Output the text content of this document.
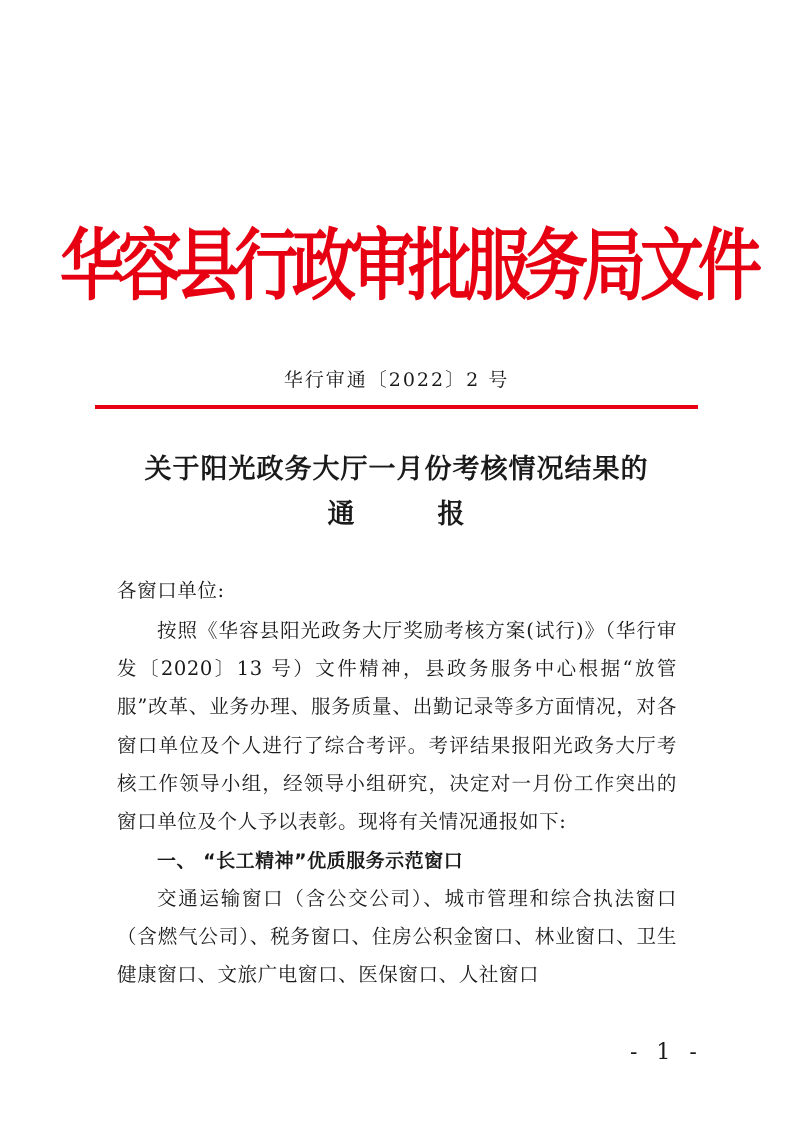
华容县行政审批服务局文件
华行审通〔2022〕2 号
关于阳光政务大厅一月份考核情况结果的
通	报
各窗口单位:
按照《华容县阳光政务大厅奖励考核方案(试行)》（华行审发〔2020〕13 号）文件精神，县政务服务中心根据“放管服”改革、业务办理、服务质量、出勤记录等多方面情况，对各窗口单位及个人进行了综合考评。考评结果报阳光政务大厅考核工作领导小组，经领导小组研究，决定对一月份工作突出的窗口单位及个人予以表彰。现将有关情况通报如下:
一、 “长工精神”优质服务示范窗口
交通运输窗口（含公交公司）、城市管理和综合执法窗口（含燃气公司）、税务窗口、住房公积金窗口、林业窗口、卫生健康窗口、文旅广电窗口、医保窗口、人社窗口
- 1 -
